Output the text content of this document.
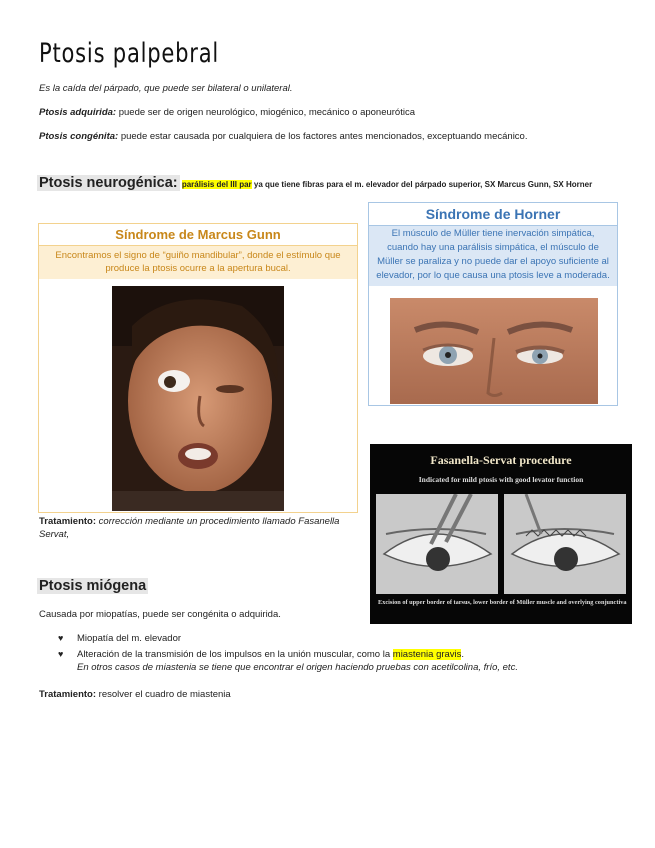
Ptosis palpebral
Es la caída del párpado, que puede ser bilateral o unilateral.
Ptosis adquirida: puede ser de origen neurológico, miogénico, mecánico o aponeurótica
Ptosis congénita: puede estar causada por cualquiera de los factores antes mencionados, exceptuando mecánico.
Ptosis neurogénica: parálisis del III par ya que tiene fibras para el m. elevador del párpado superior, SX Marcus Gunn, SX Horner
Síndrome de Marcus Gunn
Encontramos el signo de “guiño mandibular”, donde el estímulo que produce la ptosis ocurre a la apertura bucal.
Síndrome de Horner
El músculo de Müller tiene inervación simpática, cuando hay una parálisis simpática, el músculo de Müller se paraliza y no puede dar el apoyo suficiente al elevador, por lo que causa una ptosis leve a moderada.
Fasanella-Servat procedure
Indicated for mild ptosis with good levator function
Excision of upper border of tarsus, lower border of Müller muscle and overlying conjunctiva
Tratamiento: corrección mediante un procedimiento llamado Fasanella Servat,
Ptosis miógena
Causada por miopatías, puede ser congénita o adquirida.
♥ Miopatía del m. elevador
♥ Alteración de la transmisión de los impulsos en la unión muscular, como la miastenia gravis.
En otros casos de miastenia se tiene que encontrar el origen haciendo pruebas con acetilcolina, frío, etc.
Tratamiento: resolver el cuadro de miastenia
